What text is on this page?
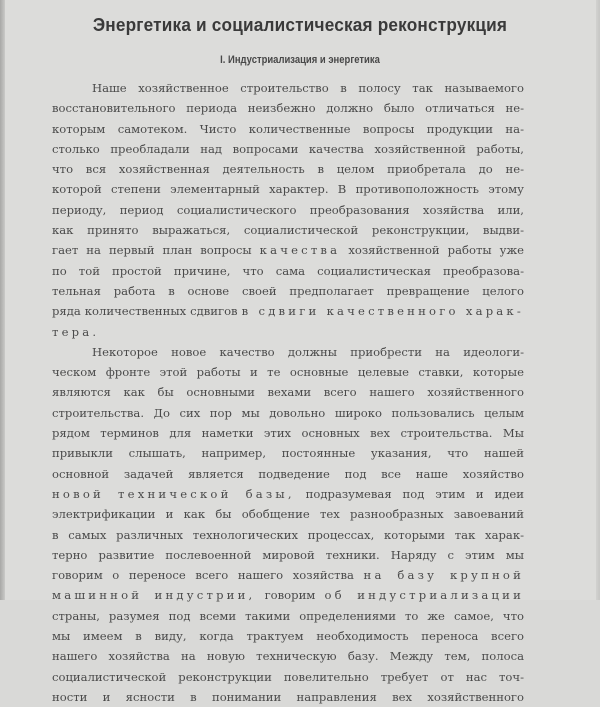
Энергетика и социалистическая реконструкция
I. Индустриализация и энергетика
Наше хозяйственное строительство в полосу так называемого
восстановительного периода неизбежно должно было отличаться не-
которым самотеком. Чисто количественные вопросы продукции на-
столько преобладали над вопросами качества хозяйственной работы,
что вся хозяйственная деятельность в целом приобретала до не-
которой степени элементарный характер. В противоположность этому
периоду, период социалистического преобразования хозяйства или,
как принято выражаться, социалистической реконструкции, выдви-
гает на первый план вопросы качества хозяйственной работы уже
по той простой причине, что сама социалистическая преобразова-
тельная работа в основе своей предполагает превращение целого
ряда количественных сдвигов в сдвиги качественного харак-
тера.
Некоторое новое качество должны приобрести на идеологи-
ческом фронте этой работы и те основные целевые ставки, которые
являются как бы основными вехами всего нашего хозяйственного
строительства. До сих пор мы довольно широко пользовались целым
рядом терминов для наметки этих основных вех строительства. Мы
привыкли слышать, например, постоянные указания, что нашей
основной задачей является подведение под все наше хозяйство
новой технической базы, подразумевая под этим и идеи
электрификации и как бы обобщение тех разнообразных завоеваний
в самых различных технологических процессах, которыми так харак-
терно развитие послевоенной мировой техники. Наряду с этим мы
говорим о переносе всего нашего хозяйства на базу крупной
машинной индустрии, говорим об индустриализации
страны, разумея под всеми такими определениями то же самое, что
мы имеем в виду, когда трактуем необходимость переноса всего
нашего хозяйства на новую техническую базу. Между тем, полоса
социалистической реконструкции повелительно требует от нас точ-
ности и ясности в понимании направления вех хозяйственного
